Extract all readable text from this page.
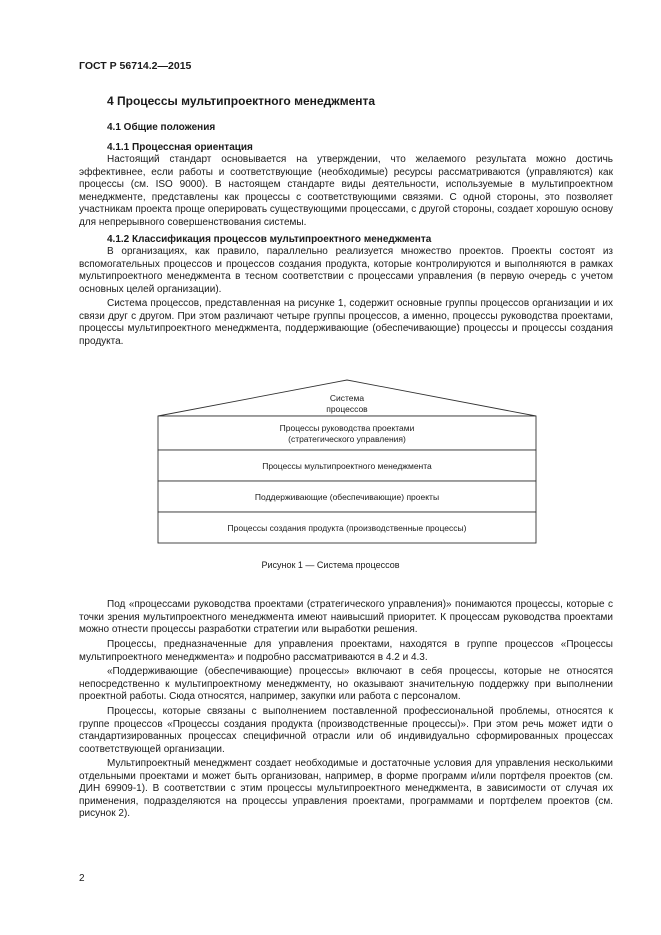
ГОСТ Р 56714.2—2015
4 Процессы мультипроектного менеджмента
4.1 Общие положения
4.1.1 Процессная ориентация

Настоящий стандарт основывается на утверждении, что желаемого результата можно достичь эффективнее, если работы и соответствующие (необходимые) ресурсы рассматриваются (управляются) как процессы (см. ISO 9000). В настоящем стандарте виды деятельности, используемые в мультипроектном менеджменте, представлены как процессы с соответствующими связями. С одной стороны, это позволяет участникам проекта проще оперировать существующими процессами, с другой стороны, создает хорошую основу для непрерывного совершенствования системы.

4.1.2 Классификация процессов мультипроектного менеджмента

В организациях, как правило, параллельно реализуется множество проектов. Проекты состоят из вспомогательных процессов и процессов создания продукта, которые контролируются и выполняются в рамках мультипроектного менеджмента в тесном соответствии с процессами управления (в первую очередь с учетом основных целей организации).

Система процессов, представленная на рисунке 1, содержит основные группы процессов организации и их связи друг с другом. При этом различают четыре группы процессов, а именно, процессы руководства проектами, процессы мультипроектного менеджмента, поддерживающие (обеспечивающие) процессы и процессы создания продукта.

Система
процессов
Процессы руководства проектами
(стратегического управления)
Процессы мультипроектного менеджмента
Поддерживающие (обеспечивающие) проекты
Процессы создания продукта (производственные процессы)
Рисунок 1 — Система процессов

Под «процессами руководства проектами (стратегического управления)» понимаются процессы, которые с точки зрения мультипроектного менеджмента имеют наивысший приоритет. К процессам руководства проектами можно отнести процессы разработки стратегии или выработки решения.

Процессы, предназначенные для управления проектами, находятся в группе процессов «Процессы мультипроектного менеджмента» и подробно рассматриваются в 4.2 и 4.3.

«Поддерживающие (обеспечивающие) процессы» включают в себя процессы, которые не относятся непосредственно к мультипроектному менеджменту, но оказывают значительную поддержку при выполнении проектной работы. Сюда относятся, например, закупки или работа с персоналом.

Процессы, которые связаны с выполнением поставленной профессиональной проблемы, относятся к группе процессов «Процессы создания продукта (производственные процессы)». При этом речь может идти о стандартизированных процессах специфичной отрасли или об индивидуально сформированных процессах соответствующей организации.

Мультипроектный менеджмент создает необходимые и достаточные условия для управления несколькими отдельными проектами и может быть организован, например, в форме программ и/или портфеля проектов (см. ДИН 69909-1). В соответствии с этим процессы мультипроектного менеджмента, в зависимости от случая их применения, подразделяются на процессы управления проектами, программами и портфелем проектов (см. рисунок 2).

2
